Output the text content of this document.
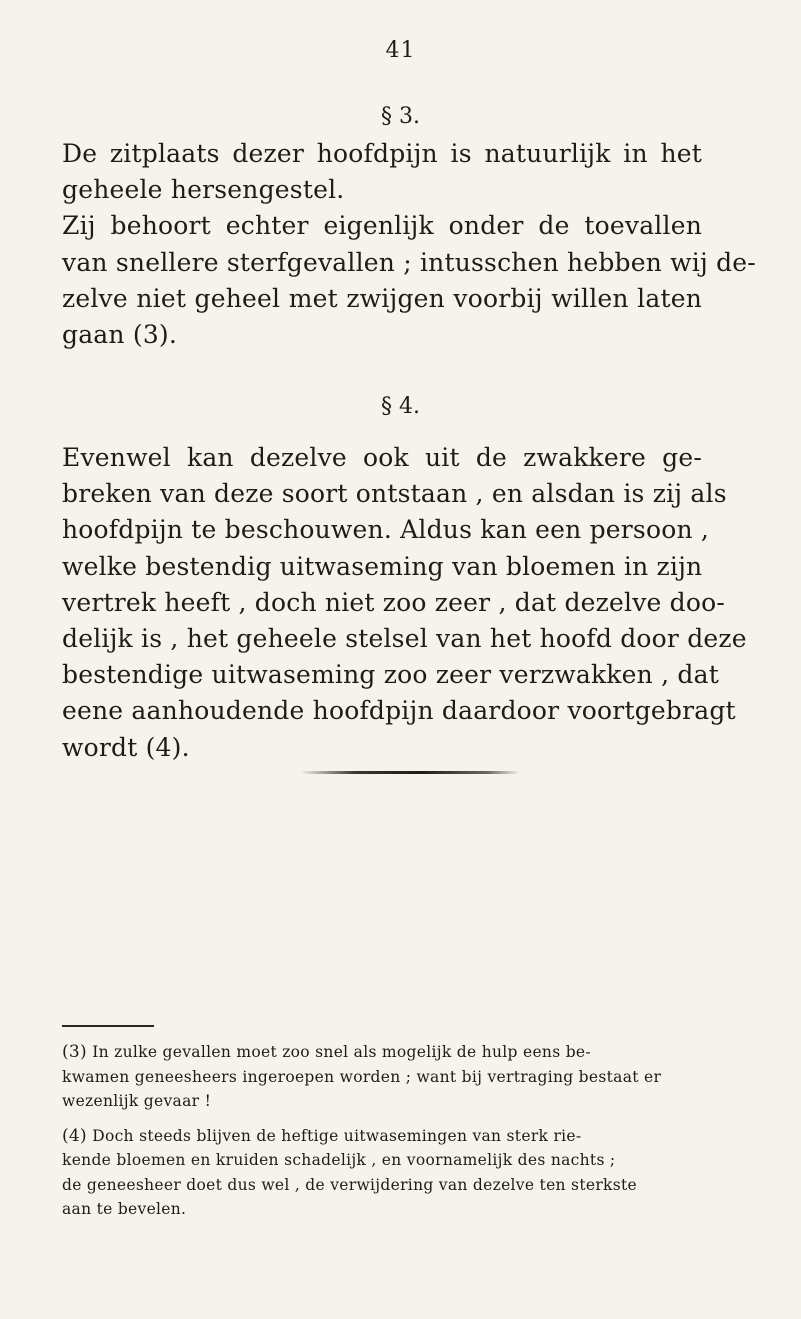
41
§ 3.
De zitplaats dezer hoofdpijn is natuurlijk in het
geheele hersengestel.
Zij behoort echter eigenlijk onder de toevallen
van snellere sterfgevallen ; intusschen hebben wij de-
zelve niet geheel met zwijgen voorbij willen laten
gaan (3).
§ 4.
Evenwel kan dezelve ook uit de zwakkere ge-
breken van deze soort ontstaan , en alsdan is zij als
hoofdpijn te beschouwen. Aldus kan een persoon ,
welke bestendig uitwaseming van bloemen in zijn
vertrek heeft , doch niet zoo zeer , dat dezelve doo-
delijk is , het geheele stelsel van het hoofd door deze
bestendige uitwaseming zoo zeer verzwakken , dat
eene aanhoudende hoofdpijn daardoor voortgebragt
wordt (4).
(3) In zulke gevallen moet zoo snel als mogelijk de hulp eens be-
kwamen geneesheers ingeroepen worden ; want bij vertraging bestaat er
wezenlijk gevaar !
(4) Doch steeds blijven de heftige uitwasemingen van sterk rie-
kende bloemen en kruiden schadelijk , en voornamelijk des nachts ;
de geneesheer doet dus wel , de verwijdering van dezelve ten sterkste
aan te bevelen.
